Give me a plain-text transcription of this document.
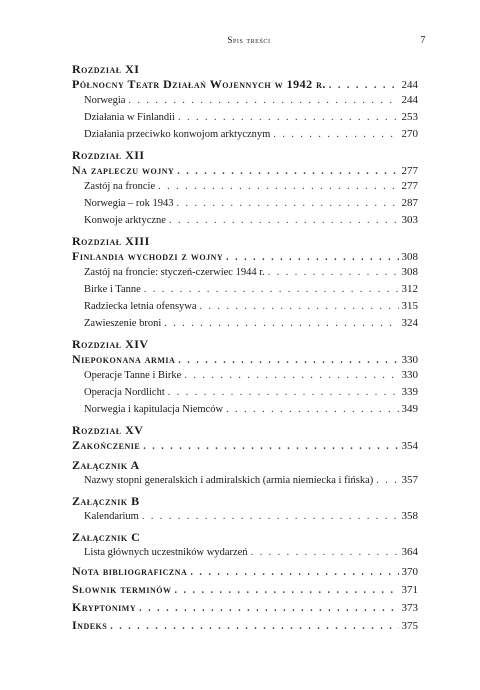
Spis treści	7
Rozdział XI
Północny Teatr Działań Wojennych w 1942 r. . . .	244
Norwegia . . .	244
Działania w Finlandii . . .	253
Działania przeciwko konwojom arktycznym . . .	270
Rozdział XII
Na zapleczu wojny . . .	277
Zastój na froncie . . .	277
Norwegia – rok 1943 . . .	287
Konwoje arktyczne . . .	303
Rozdział XIII
Finlandia wychodzi z wojny . . .	308
Zastój na froncie: styczeń-czerwiec 1944 r. . . .	308
Birke i Tanne . . .	312
Radziecka letnia ofensywa . . .	315
Zawieszenie broni . . .	324
Rozdział XIV
Niepokonana armia . . .	330
Operacje Tanne i Birke . . .	330
Operacja Nordlicht . . .	339
Norwegia i kapitulacja Niemców . . .	349
Rozdział XV
Zakończenie . . .	354
Załącznik A
Nazwy stopni generalskich i admiralskich (armia niemiecka i fińska) . . .	357
Załącznik B
Kalendarium . . .	358
Załącznik C
Lista głównych uczestników wydarzeń . . .	364
Nota bibliograficzna . . .	370
Słownik terminów . . .	371
Kryptonimy . . .	373
Indeks . . .	375
